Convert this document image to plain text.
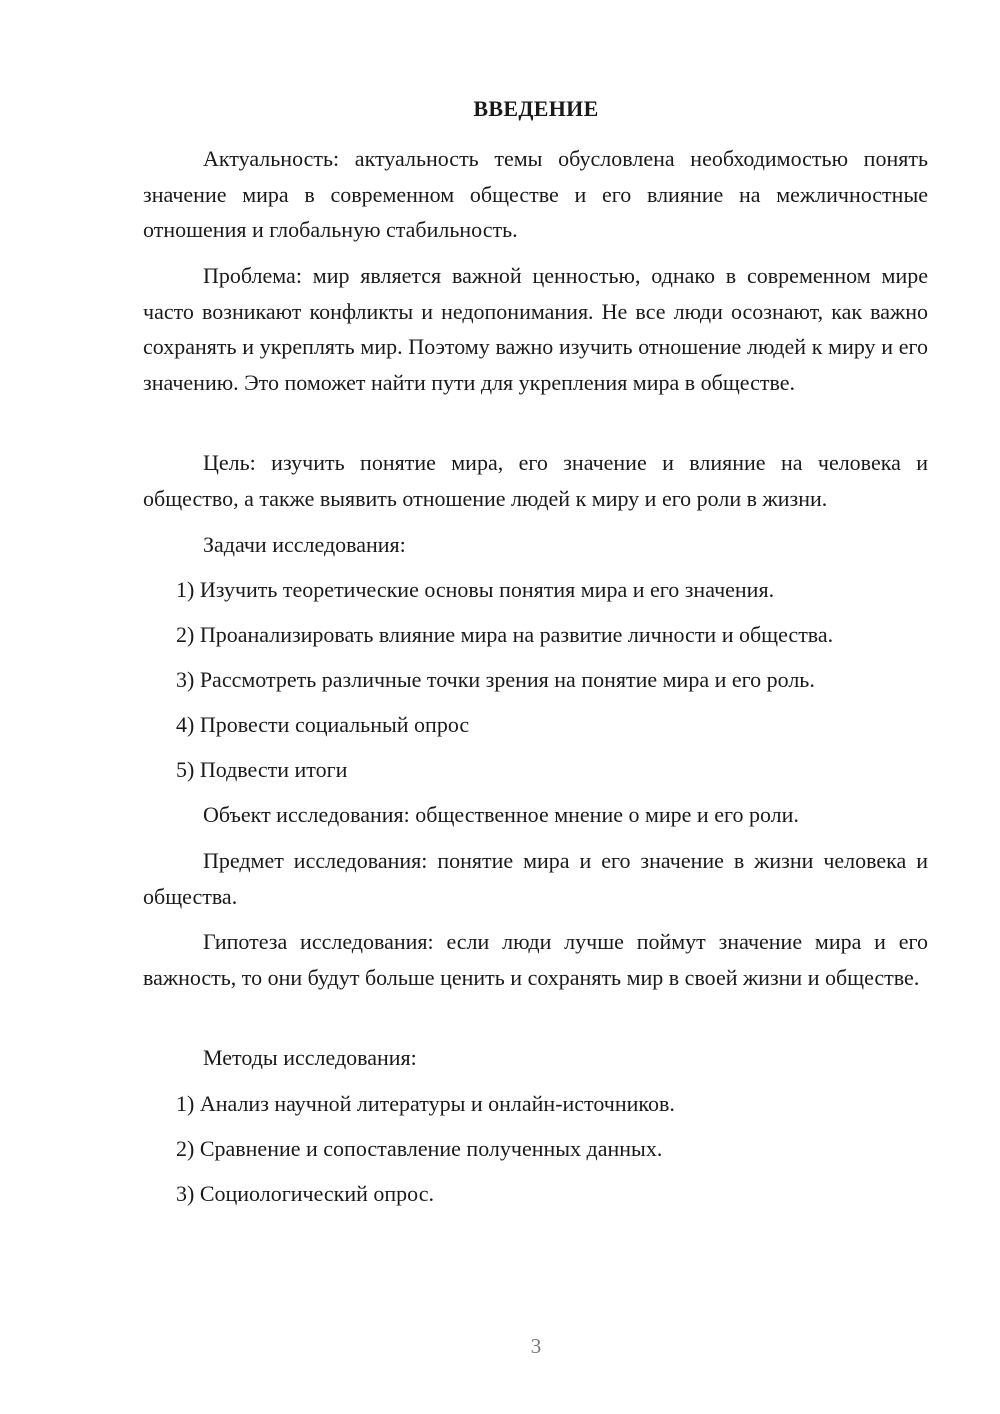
ВВЕДЕНИЕ

Актуальность: актуальность темы обусловлена необходимостью понять значение мира в современном обществе и его влияние на межличностные отношения и глобальную стабильность.

Проблема: мир является важной ценностью, однако в современном мире часто возникают конфликты и недопонимания. Не все люди осознают, как важно сохранять и укреплять мир. Поэтому важно изучить отношение людей к миру и его значению. Это поможет найти пути для укрепления мира в обществе.

Цель: изучить понятие мира, его значение и влияние на человека и общество, а также выявить отношение людей к миру и его роли в жизни.

Задачи исследования:

1) Изучить теоретические основы понятия мира и его значения.

2) Проанализировать влияние мира на развитие личности и общества.

3) Рассмотреть различные точки зрения на понятие мира и его роль.

4) Провести социальный опрос

5) Подвести итоги

Объект исследования: общественное мнение о мире и его роли.

Предмет исследования: понятие мира и его значение в жизни человека и общества.

Гипотеза исследования: если люди лучше поймут значение мира и его важность, то они будут больше ценить и сохранять мир в своей жизни и обществе.

Методы исследования:

1) Анализ научной литературы и онлайн-источников.

2) Сравнение и сопоставление полученных данных.

3) Социологический опрос.

3
